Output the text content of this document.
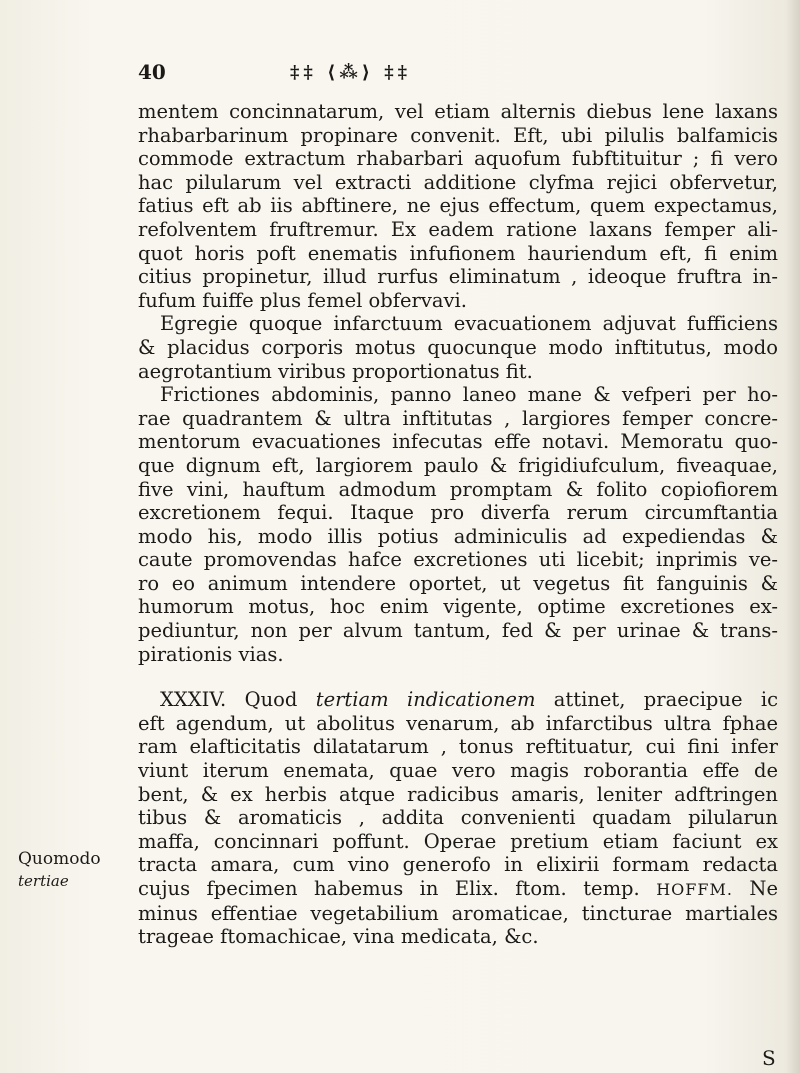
40	‡‡ ⟨⁂⟩ ‡‡
Quomodo
tertiae
mentem concinnatarum, vel etiam alternis diebus lene laxans
rhabarbarinum propinare convenit. Eft, ubi pilulis balfamicis
commode extractum rhabarbari aquofum fubftituitur ; fi vero
hac pilularum vel extracti additione clyfma rejici obfervetur,
fatius eft ab iis abftinere, ne ejus effectum, quem expectamus,
refolventem fruftremur. Ex eadem ratione laxans femper ali-
quot horis poft enematis infufionem hauriendum eft, fi enim
citius propinetur, illud rurfus eliminatum , ideoque fruftra in-
fufum fuiffe plus femel obfervavi.
Egregie quoque infarctuum evacuationem adjuvat fufficiens
& placidus corporis motus quocunque modo inftitutus, modo
aegrotantium viribus proportionatus fit.
Frictiones abdominis, panno laneo mane & vefperi per ho-
rae quadrantem & ultra inftitutas , largiores femper concre-
mentorum evacuationes infecutas effe notavi. Memoratu quo-
que dignum eft, largiorem paulo & frigidiufculum, fiveaquae,
five vini, hauftum admodum promptam & folito copiofiorem
excretionem fequi. Itaque pro diverfa rerum circumftantia
modo his, modo illis potius adminiculis ad expediendas &
caute promovendas hafce excretiones uti licebit; inprimis ve-
ro eo animum intendere oportet, ut vegetus fit fanguinis &
humorum motus, hoc enim vigente, optime excretiones ex-
pediuntur, non per alvum tantum, fed & per urinae & trans-
pirationis vias.
XXXIV. Quod tertiam indicationem attinet, praecipue ic
eft agendum, ut abolitus venarum, ab infarctibus ultra fphae
ram elafticitatis dilatatarum , tonus reftituatur, cui fini infer
viunt iterum enemata, quae vero magis roborantia effe de
bent, & ex herbis atque radicibus amaris, leniter adftringen
tibus & aromaticis , addita convenienti quadam pilularun
maffa, concinnari poffunt. Operae pretium etiam faciunt ex
tracta amara, cum vino generofo in elixirii formam redacta
cujus fpecimen habemus in Elix. ftom. temp. HOFFM. Ne
minus effentiae vegetabilium aromaticae, tincturae martiales
trageae ftomachicae, vina medicata, &c.
S
